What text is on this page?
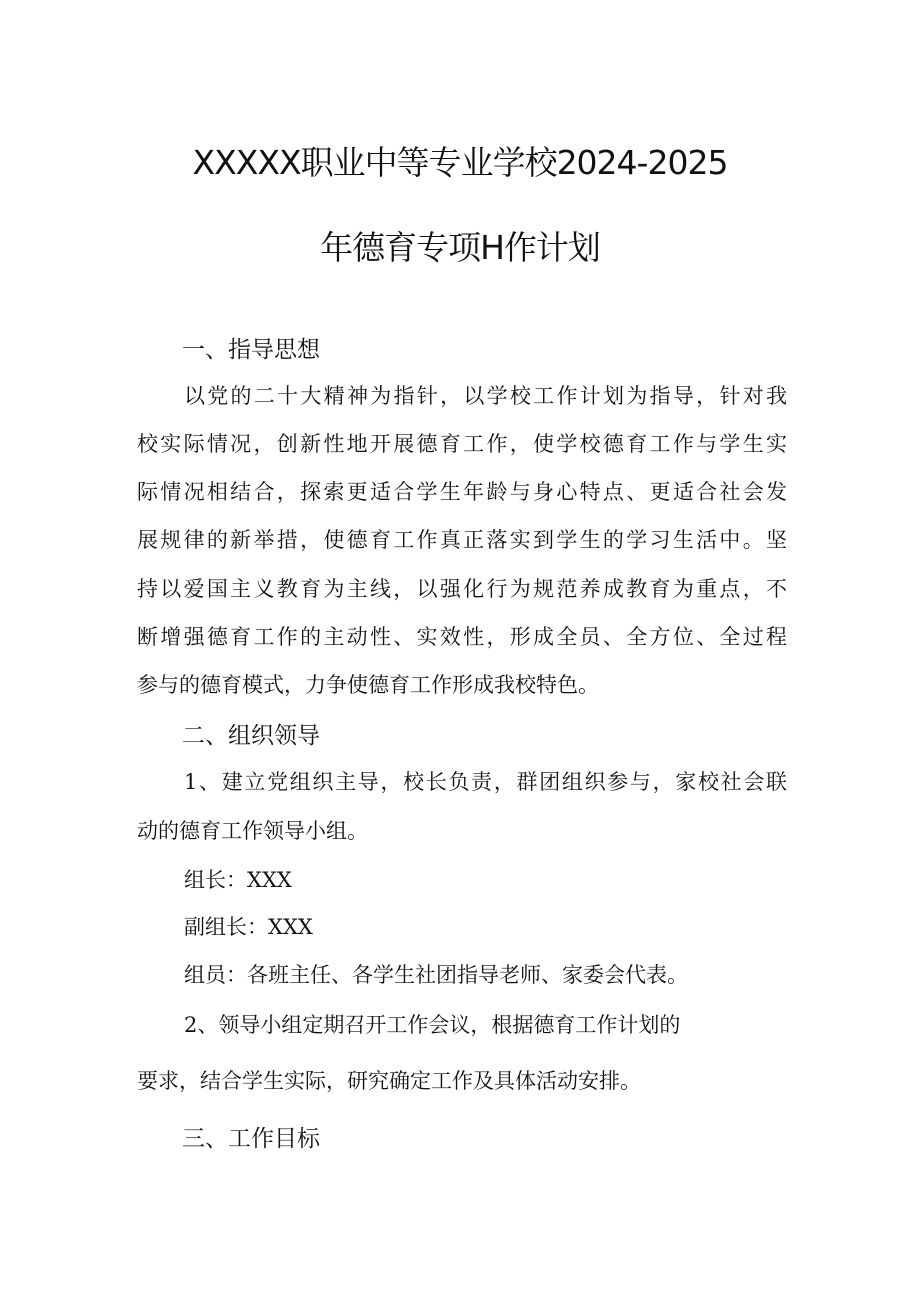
XXXXX职业中等专业学校2024-2025
年德育专项H作计划
一、指导思想
以党的二十大精神为指针，以学校工作计划为指导，针对我
校实际情况，创新性地开展德育工作，使学校德育工作与学生实
际情况相结合，探索更适合学生年龄与身心特点、更适合社会发
展规律的新举措，使德育工作真正落实到学生的学习生活中。坚
持以爱国主义教育为主线，以强化行为规范养成教育为重点，不
断增强德育工作的主动性、实效性，形成全员、全方位、全过程
参与的德育模式，力争使德育工作形成我校特色。
二、组织领导
1、建立党组织主导，校长负责，群团组织参与，家校社会联
动的德育工作领导小组。
组长：XXX
副组长：XXX
组员：各班主任、各学生社团指导老师、家委会代表。
2、领导小组定期召开工作会议，根据德育工作计划的
要求，结合学生实际，研究确定工作及具体活动安排。
三、工作目标
